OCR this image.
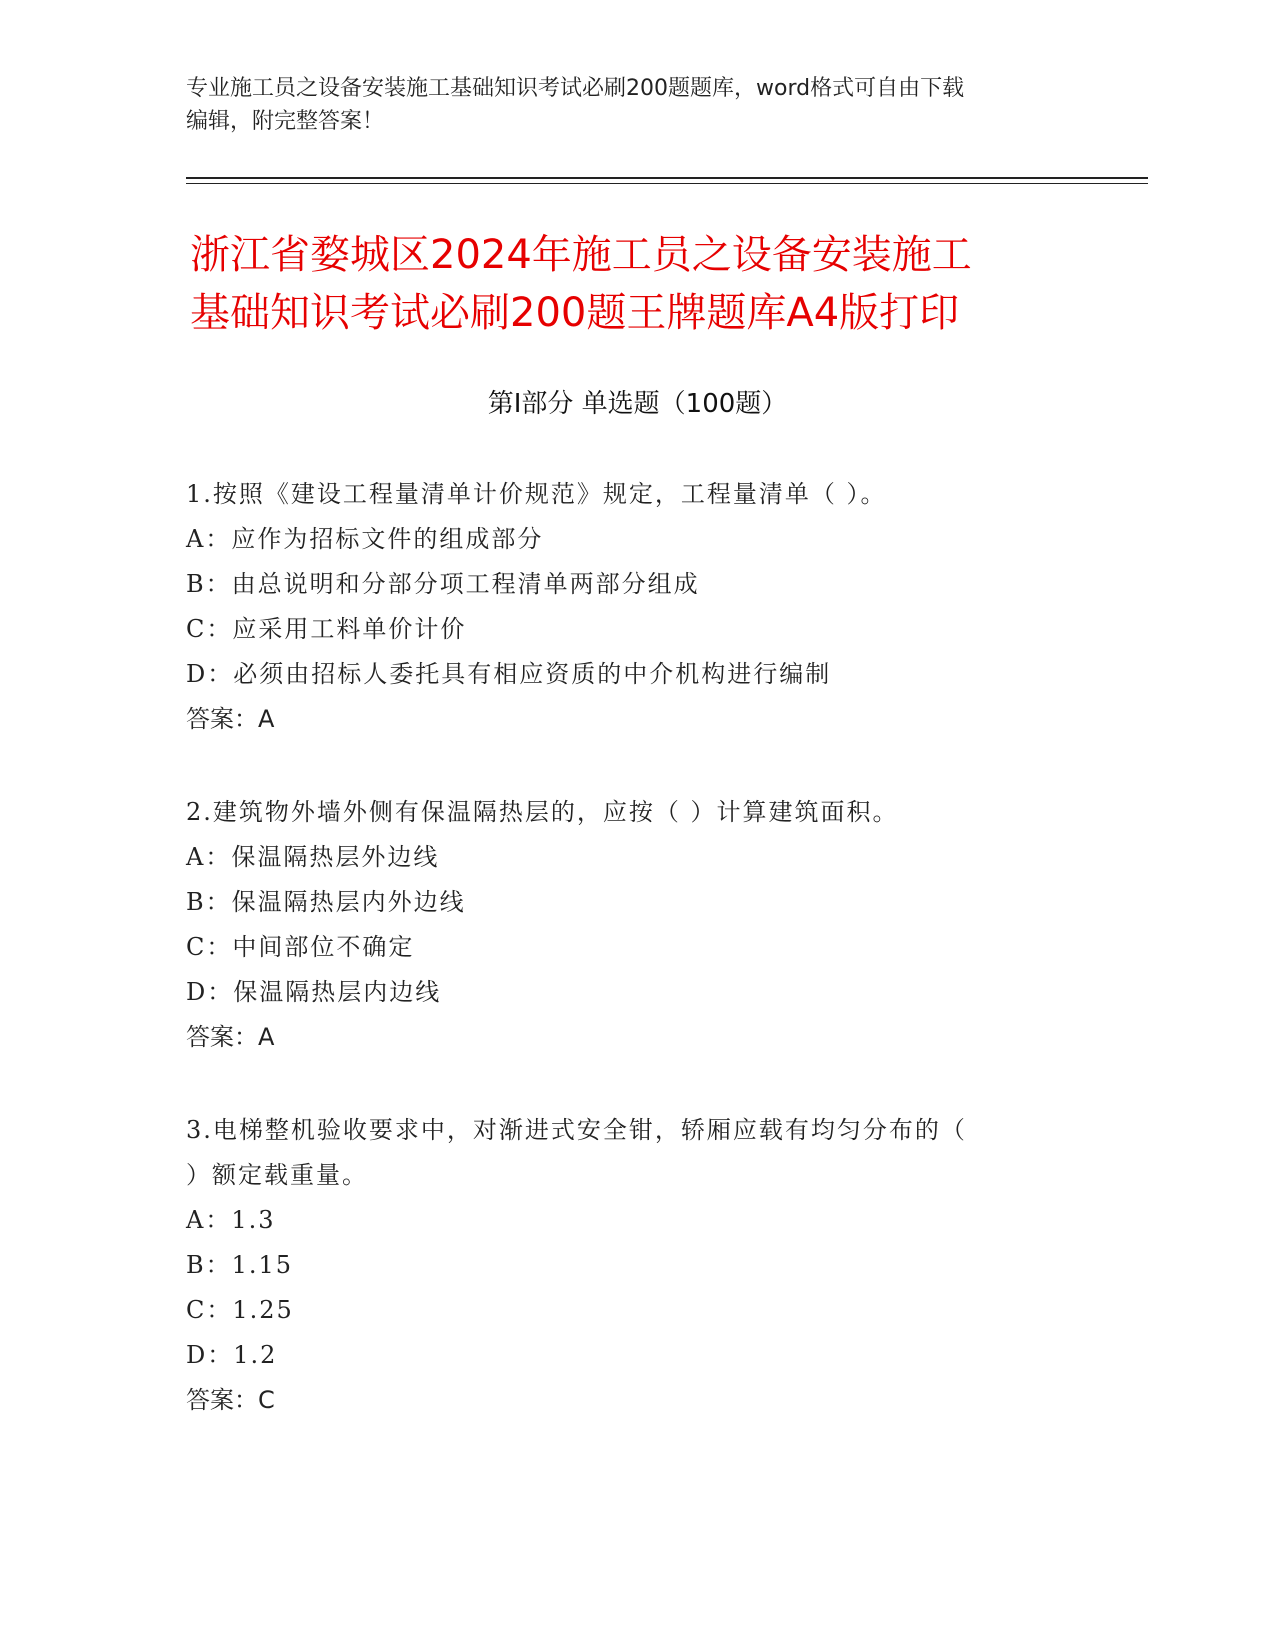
专业施工员之设备安装施工基础知识考试必刷200题题库，word格式可自由下载
编辑，附完整答案！
浙江省婺城区2024年施工员之设备安装施工
基础知识考试必刷200题王牌题库A4版打印
第Ⅰ部分 单选题（100题）
1.按照《建设工程量清单计价规范》规定，工程量清单（ ）。
A：应作为招标文件的组成部分
B：由总说明和分部分项工程清单两部分组成
C：应采用工料单价计价
D：必须由招标人委托具有相应资质的中介机构进行编制
答案：A
2.建筑物外墙外侧有保温隔热层的，应按（ ）计算建筑面积。
A：保温隔热层外边线
B：保温隔热层内外边线
C：中间部位不确定
D：保温隔热层内边线
答案：A
3.电梯整机验收要求中，对渐进式安全钳，轿厢应载有均匀分布的（
）额定载重量。
A：1.3
B：1.15
C：1.25
D：1.2
答案：C
